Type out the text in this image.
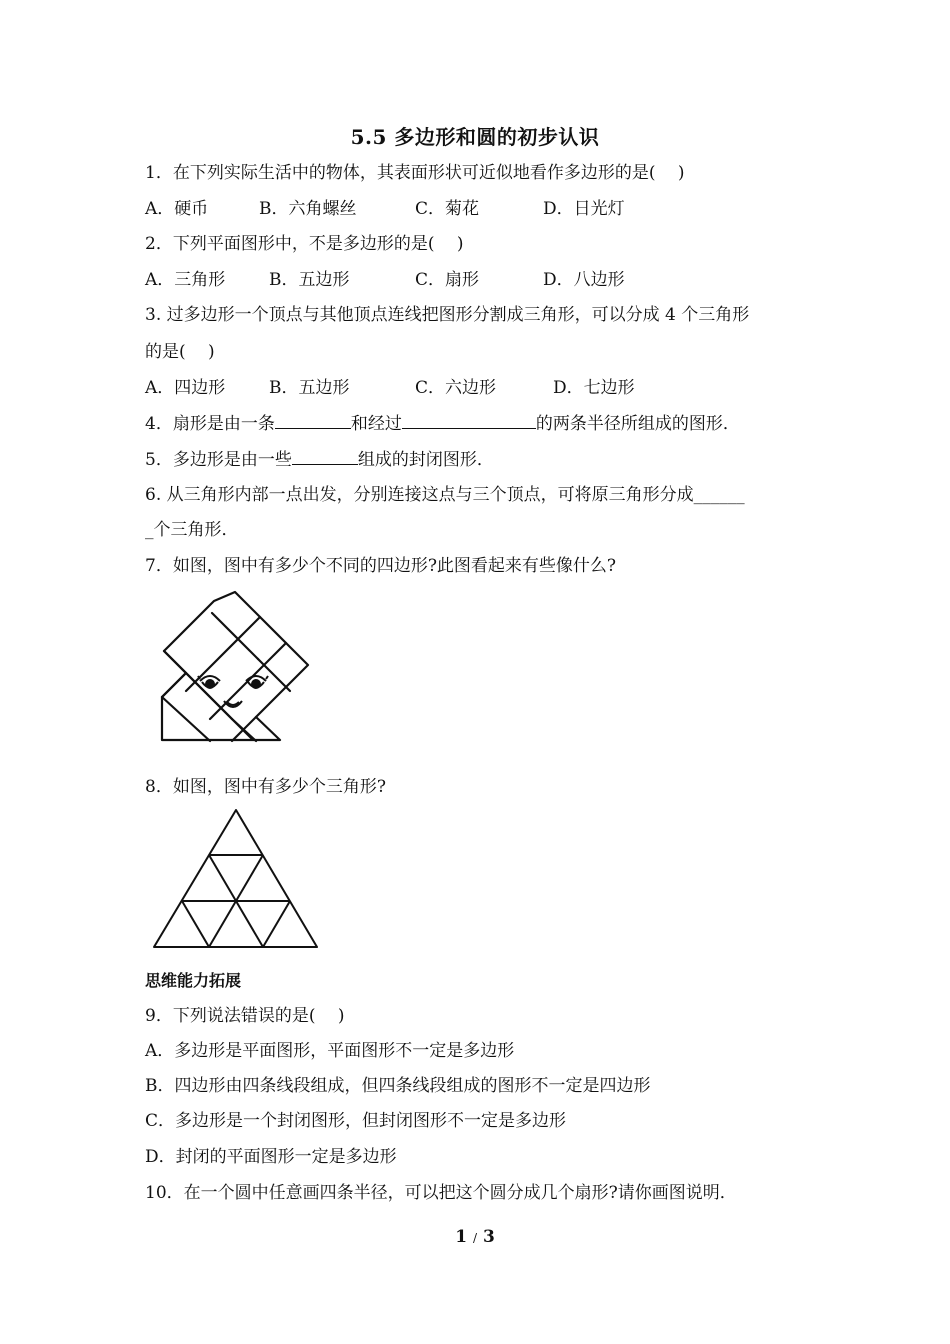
5.5 多边形和圆的初步认识
1．在下列实际生活中的物体，其表面形状可近似地看作多边形的是(　 )
A．硬币	B．六角螺丝	C．菊花	D．日光灯
2．下列平面图形中，不是多边形的是(　 )
A．三角形	B．五边形	C．扇形	D．八边形
3. 过多边形一个顶点与其他顶点连线把图形分割成三角形，可以分成 4 个三角形
的是(　 )
A．四边形	B．五边形	C．六边形	D．七边形
4．扇形是由一条	和经过	的两条半径所组成的图形．
5．多边形是由一些	组成的封闭图形．
6. 从三角形内部一点出发，分别连接这点与三个顶点，可将原三角形分成______
_个三角形．
7．如图，图中有多少个不同的四边形?此图看起来有些像什么?
8．如图，图中有多少个三角形?
思维能力拓展
9．下列说法错误的是(　 )
A．多边形是平面图形，平面图形不一定是多边形
B．四边形由四条线段组成，但四条线段组成的图形不一定是四边形
C．多边形是一个封闭图形，但封闭图形不一定是多边形
D．封闭的平面图形一定是多边形
10．在一个圆中任意画四条半径，可以把这个圆分成几个扇形?请你画图说明．
1 / 3
